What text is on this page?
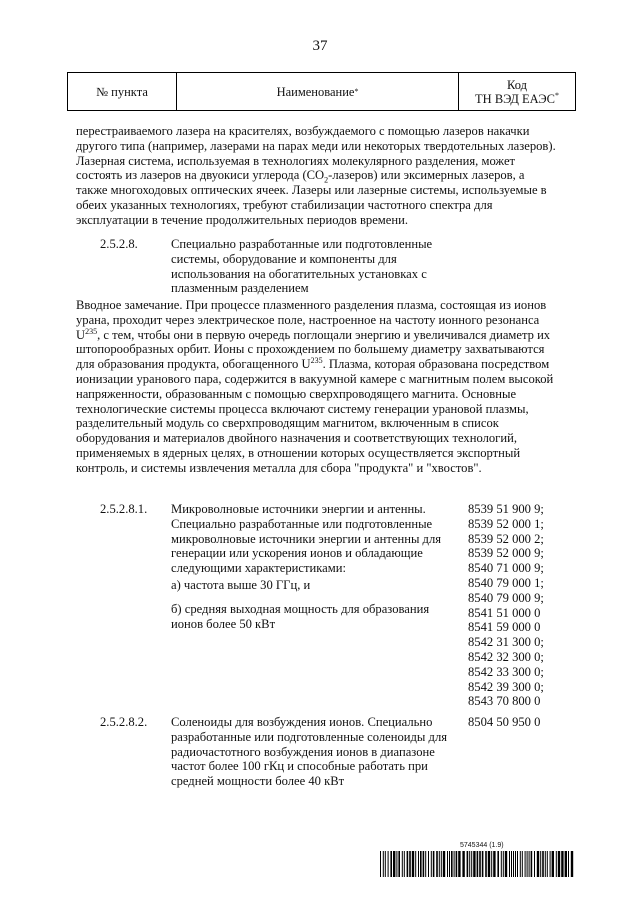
37
№ пункта	Наименование *	Код
ТН ВЭД ЕАЭС*

перестраиваемого лазера на красителях, возбуждаемого с помощью лазеров накачки другого типа (например, лазерами на парах меди или некоторых твердотельных лазеров). Лазерная система, используемая в технологиях молекулярного разделения, может состоять из лазеров на двуокиси углерода $(СО_2-лазеров)$ или эксимерных лазеров, а также многоходовых оптических ячеек. Лазеры или лазерные системы, используемые в обеих указанных технологиях, требуют стабилизации частотного спектра для эксплуатации в течение продолжительных периодов времени.

2.5.2.8.	Специально разработанные или подготовленные системы, оборудование и компоненты для использования на обогатительных установках с плазменным разделением

Вводное замечание. При процессе плазменного разделения плазма, состоящая из ионов урана, проходит через электрическое поле, настроенное на частоту ионного резонанса $U^{235}$, с тем, чтобы они в первую очередь поглощали энергию и увеличивался диаметр их штопорообразных орбит. Ионы с прохождением по большему диаметру захватываются для образования продукта, обогащенного $U^{235}$. Плазма, которая образована посредством ионизации уранового пара, содержится в вакуумной камере с магнитным полем высокой напряженности, образованным с помощью сверхпроводящего магнита. Основные технологические системы процесса включают систему генерации урановой плазмы, разделительный модуль со сверхпроводящим магнитом, включенным в список оборудования и материалов двойного назначения и соответствующих технологий, применяемых в ядерных целях, в отношении которых осуществляется экспортный контроль, и системы извлечения металла для сбора "продукта" и "хвостов".

2.5.2.8.1. Микроволновые источники энергии и антенны. Специально разработанные или подготовленные микроволновые источники энергии и антенны для генерации или ускорения ионов и обладающие следующими характеристиками:

а) частота выше 30 ГГц, и

б) средняя выходная мощность для образования ионов более 50 кВт

8539 51 900 9;
8539 52 000 1;
8539 52 000 2;
8539 52 000 9;
8540 71 000 9;
8540 79 000 1;
8540 79 000 9;
8541 51 000 0
8541 59 000 0
8542 31 300 0;
8542 32 300 0;
8542 33 300 0;
8542 39 300 0;
8543 70 800 0
2.5.2.8.2. Соленоиды для возбуждения ионов. Специально разработанные или подготовленные соленоиды для радиочастотного возбуждения ионов в диапазоне частот более 100 гКц и способные работать при средней мощности более 40 кВт

8504 50 950 0
5745344 (1.9)
